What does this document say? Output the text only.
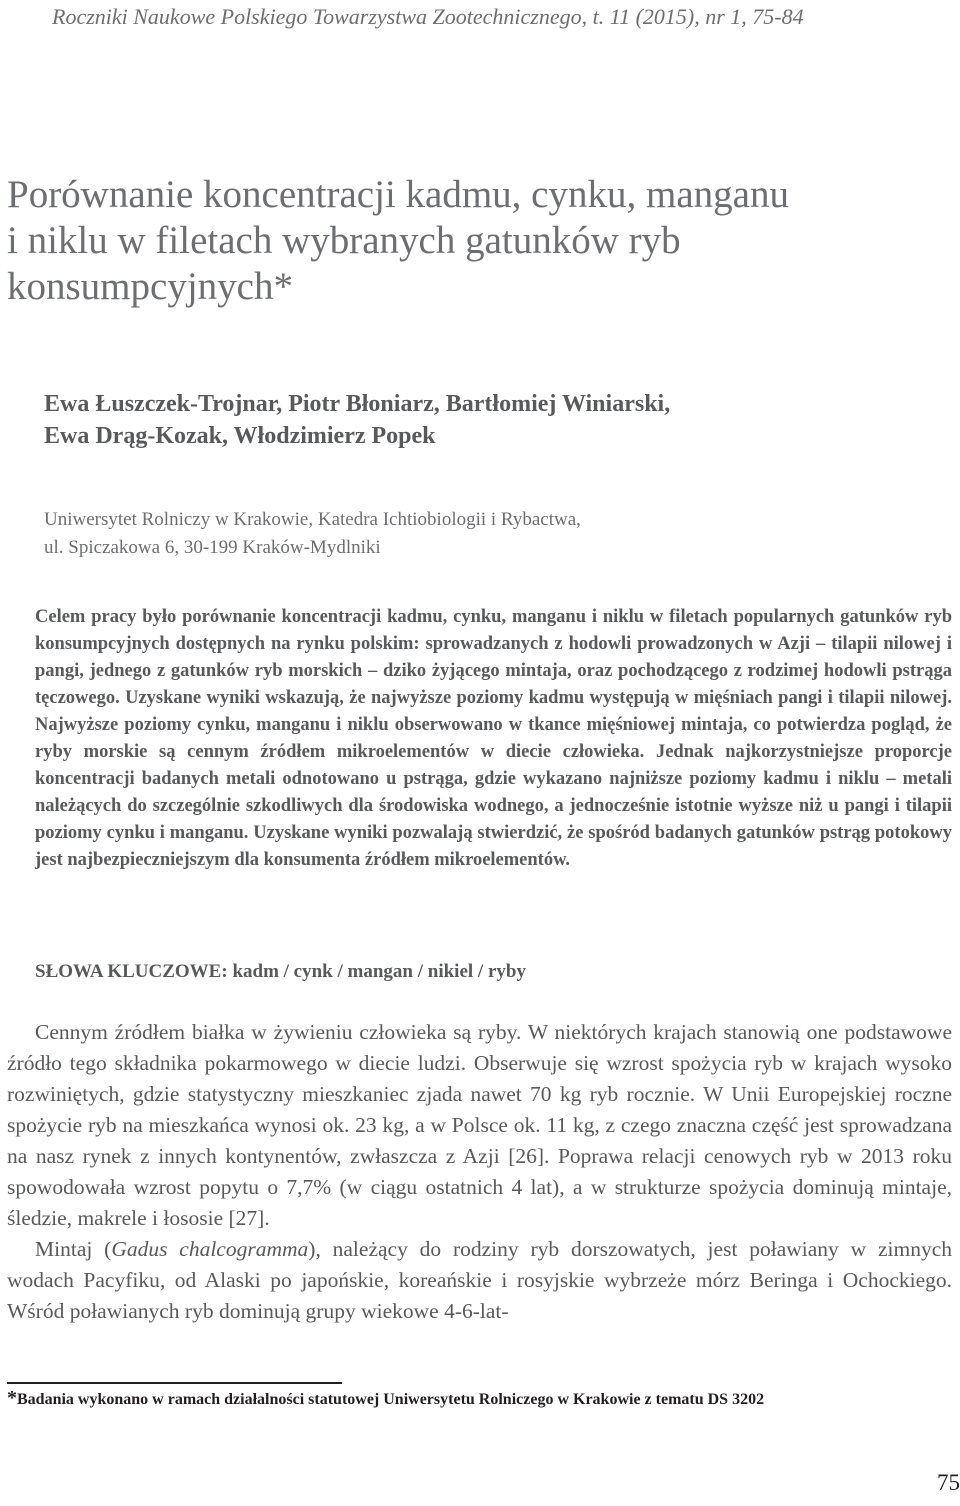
Roczniki Naukowe Polskiego Towarzystwa Zootechnicznego, t. 11 (2015), nr 1, 75-84
Porównanie koncentracji kadmu, cynku, manganu
i niklu w filetach wybranych gatunków ryb
konsumpcyjnych*
Ewa Łuszczek-Trojnar, Piotr Błoniarz, Bartłomiej Winiarski,
Ewa Drąg-Kozak, Włodzimierz Popek
Uniwersytet Rolniczy w Krakowie, Katedra Ichtiobiologii i Rybactwa,
ul. Spiczakowa 6, 30-199 Kraków-Mydlniki

Celem pracy było porównanie koncentracji kadmu, cynku, manganu i niklu w filetach popularnych gatunków ryb konsumpcyjnych dostępnych na rynku polskim: sprowadzanych z hodowli prowadzonych w Azji – tilapii nilowej i pangi, jednego z gatunków ryb morskich – dziko żyjącego mintaja, oraz pochodzącego z rodzimej hodowli pstrąga tęczowego. Uzyskane wyniki wskazują, że najwyższe poziomy kadmu występują w mięśniach pangi i tilapii nilowej. Najwyższe poziomy cynku, manganu i niklu obserwowano w tkance mięśniowej mintaja, co potwierdza pogląd, że ryby morskie są cennym źródłem mikroelementów w diecie człowieka. Jednak najkorzystniejsze proporcje koncentracji badanych metali odnotowano u pstrąga, gdzie wykazano najniższe poziomy kadmu i niklu – metali należących do szczególnie szkodliwych dla środowiska wodnego, a jednocześnie istotnie wyższe niż u pangi i tilapii poziomy cynku i manganu. Uzyskane wyniki pozwalają stwierdzić, że spośród badanych gatunków pstrąg potokowy jest najbezpieczniejszym dla konsumenta źródłem mikroelementów.

SŁOWA KLUCZOWE: kadm / cynk / mangan / nikiel / ryby

Cennym źródłem białka w żywieniu człowieka są ryby. W niektórych krajach stanowią one podstawowe źródło tego składnika pokarmowego w diecie ludzi. Obserwuje się wzrost spożycia ryb w krajach wysoko rozwiniętych, gdzie statystyczny mieszkaniec zjada nawet 70 kg ryb rocznie. W Unii Europejskiej roczne spożycie ryb na mieszkańca wynosi ok. 23 kg, a w Polsce ok. 11 kg, z czego znaczna część jest sprowadzana na nasz rynek z innych kontynentów, zwłaszcza z Azji [26]. Poprawa relacji cenowych ryb w 2013 roku spowodowała wzrost popytu o 7,7% (w ciągu ostatnich 4 lat), a w strukturze spożycia dominują mintaje, śledzie, makrele i łososie [27].

Mintaj (Gadus chalcogramma), należący do rodziny ryb dorszowatych, jest poławiany w zimnych wodach Pacyfiku, od Alaski po japońskie, koreańskie i rosyjskie wybrzeże mórz Beringa i Ochockiego. Wśród poławianych ryb dominują grupy wiekowe 4-6-lat-

*Badania wykonano w ramach działalności statutowej Uniwersytetu Rolniczego w Krakowie z tematu DS 3202
75
